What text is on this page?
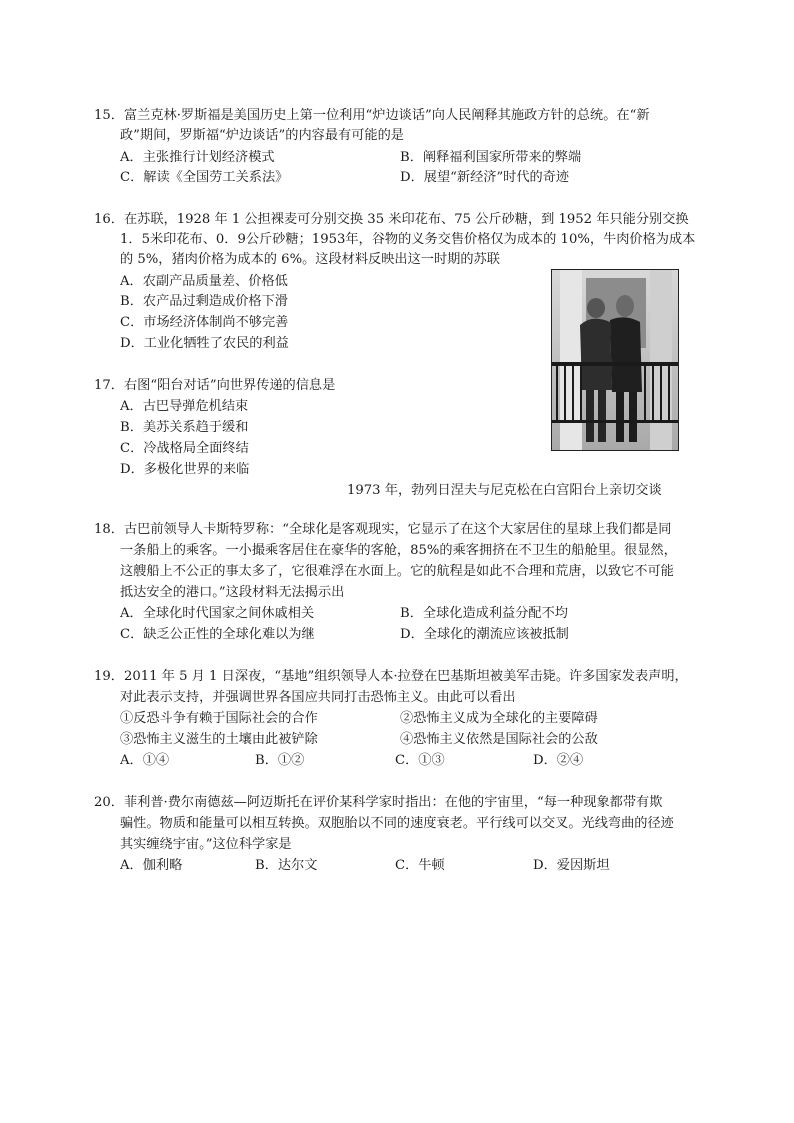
15．富兰克林·罗斯福是美国历史上第一位利用“炉边谈话”向人民阐释其施政方针的总统。在“新
政”期间，罗斯福“炉边谈话”的内容最有可能的是
A．主张推行计划经济模式	B．阐释福利国家所带来的弊端
C．解读《全国劳工关系法》	D．展望“新经济”时代的奇迹
16．在苏联，1928 年 1 公担裸麦可分别交换 35 米印花布、75 公斤砂糖，到 1952 年只能分别交换
1．5米印花布、0．9公斤砂糖；1953年，谷物的义务交售价格仅为成本的 10%，牛肉价格为成本
的 5%，猪肉价格为成本的 6%。这段材料反映出这一时期的苏联
A．农副产品质量差、价格低
B．农产品过剩造成价格下滑
C．市场经济体制尚不够完善
D．工业化牺牲了农民的利益
17．右图“阳台对话”向世界传递的信息是
A．古巴导弹危机结束
B．美苏关系趋于缓和
C．冷战格局全面终结
D．多极化世界的来临
1973 年，勃列日涅夫与尼克松在白宫阳台上亲切交谈
18．古巴前领导人卡斯特罗称：“全球化是客观现实，它显示了在这个大家居住的星球上我们都是同
一条船上的乘客。一小撮乘客居住在豪华的客舱，85%的乘客拥挤在不卫生的船舱里。很显然，
这艘船上不公正的事太多了，它很难浮在水面上。它的航程是如此不合理和荒唐，以致它不可能
抵达安全的港口。”这段材料无法揭示出
A．全球化时代国家之间休戚相关	B．全球化造成利益分配不均
C．缺乏公正性的全球化难以为继	D．全球化的潮流应该被抵制
19．2011 年 5 月 1 日深夜，“基地”组织领导人本·拉登在巴基斯坦被美军击毙。许多国家发表声明，
对此表示支持，并强调世界各国应共同打击恐怖主义。由此可以看出
①反恐斗争有赖于国际社会的合作	②恐怖主义成为全球化的主要障碍
③恐怖主义滋生的土壤由此被铲除	④恐怖主义依然是国际社会的公敌
A．①④	B．①②	C．①③	D．②④
20．菲利普·费尔南德兹—阿迈斯托在评价某科学家时指出：在他的宇宙里，“每一种现象都带有欺
骗性。物质和能量可以相互转换。双胞胎以不同的速度衰老。平行线可以交叉。光线弯曲的径迹
其实缠绕宇宙。”这位科学家是
A．伽利略	B．达尔文	C．牛顿	D．爱因斯坦
